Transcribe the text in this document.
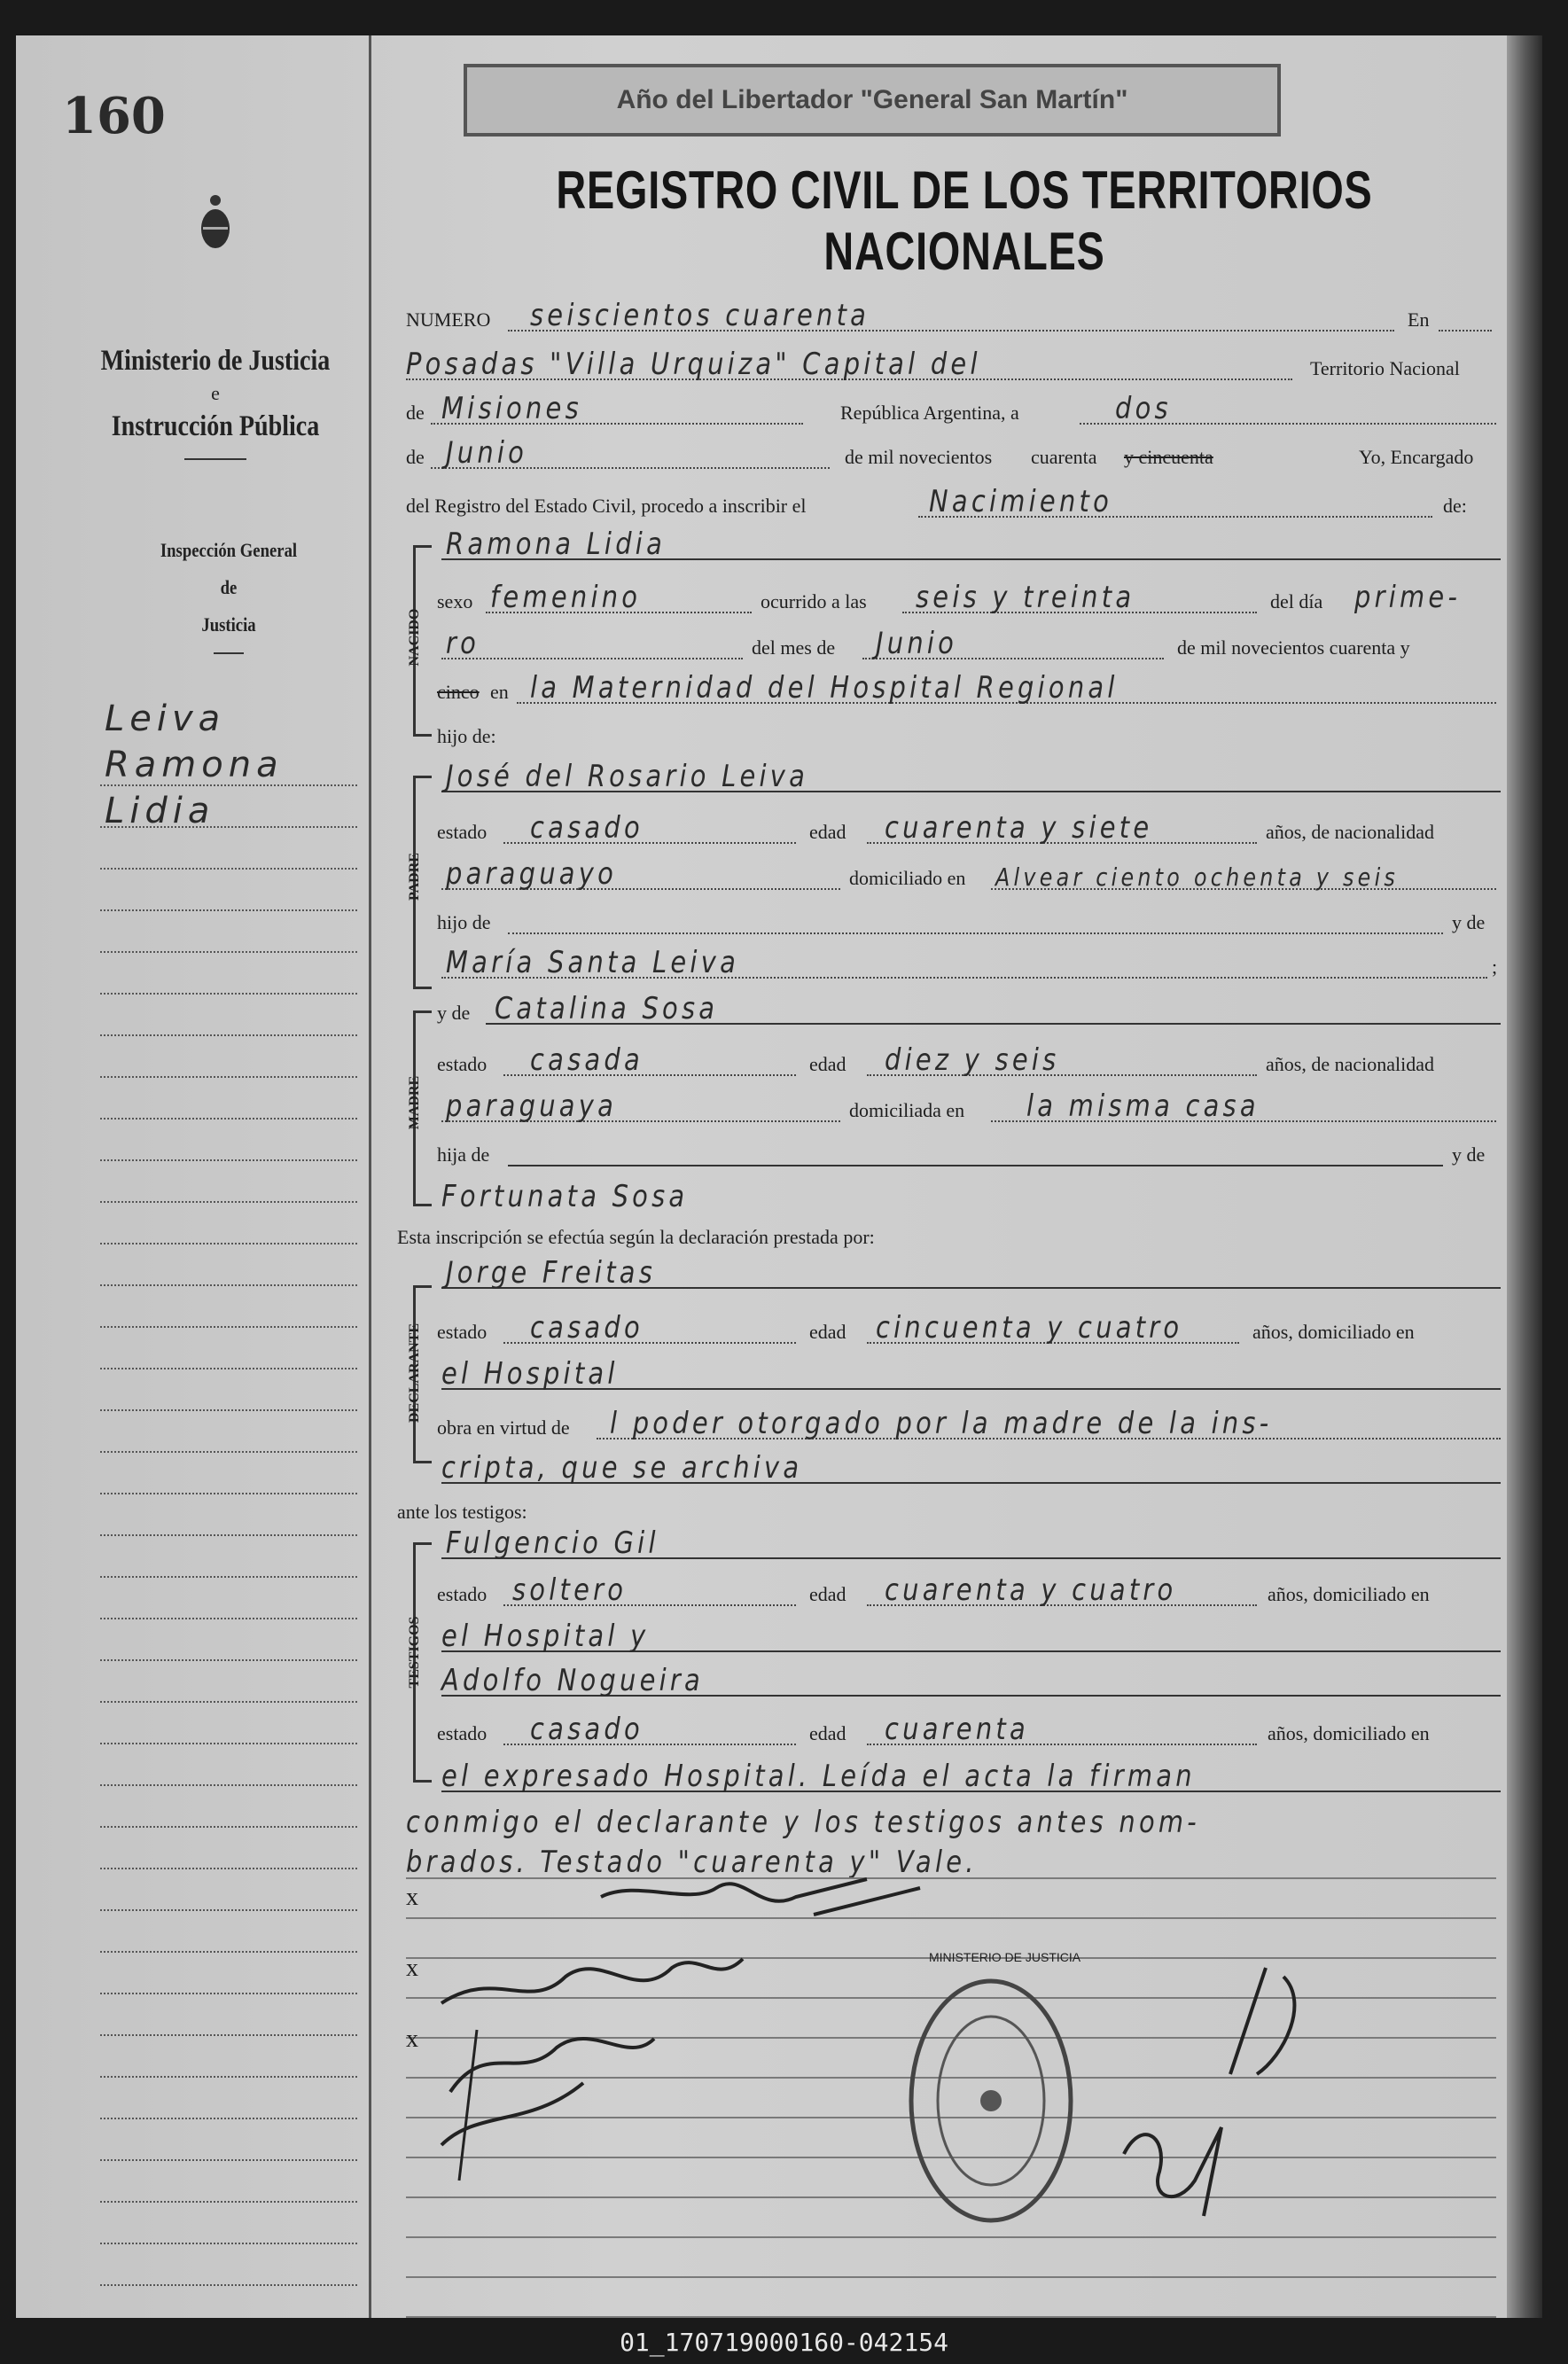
160
Ministerio de Justicia
e
Instrucción Pública
Inspección General
de
Justicia
Leiva
Ramona
Lidia
Año del Libertador "General San Martín"
REGISTRO CIVIL DE LOS TERRITORIOS NACIONALES
NUMERO seiscientos cuarenta	En
Posadas "Villa Urquiza" Capital del	Territorio Nacional
de Misiones	República Argentina, a	dos
de Junio	de mil novecientos cuarenta y cincuenta	Yo, Encargado
del Registro del Estado Civil, procedo a inscribir el	Nacimiento	de:
NACIDO
Ramona Lidia
sexo femenino	ocurrido a las seis y treinta	del día prime-
ro	del mes de Junio	de mil novecientos cuarenta y
cinco en la Maternidad del Hospital Regional
hijo de:
PADRE
José del Rosario Leiva
estado casado	edad cuarenta y siete	años, de nacionalidad
paraguayo	domiciliado en Alvear ciento ochenta y seis
hijo de	y de
María Santa Leiva	;
MADRE
y de Catalina Sosa
estado casada	edad diez y seis	años, de nacionalidad
paraguaya	domiciliada en la misma casa
hija de	y de
Fortunata Sosa
Esta inscripción se efectúa según la declaración prestada por:
DECLARANTE
Jorge Freitas
estado casado	edad cincuenta y cuatro	años, domiciliado en
el Hospital
obra en virtud de l poder otorgado por la madre de la ins-
cripta, que se archiva
ante los testigos:
TESTIGOS
Fulgencio Gil
estado soltero	edad cuarenta y cuatro	años, domiciliado en
el Hospital y
Adolfo Nogueira
estado casado	edad cuarenta	años, domiciliado en
el expresado Hospital. Leída el acta la firman
conmigo el declarante y los testigos antes nom-
brados. Testado "cuarenta y" Vale.
x
x
x
MINISTERIO DE JUSTICIA
01_170719000160-042154
